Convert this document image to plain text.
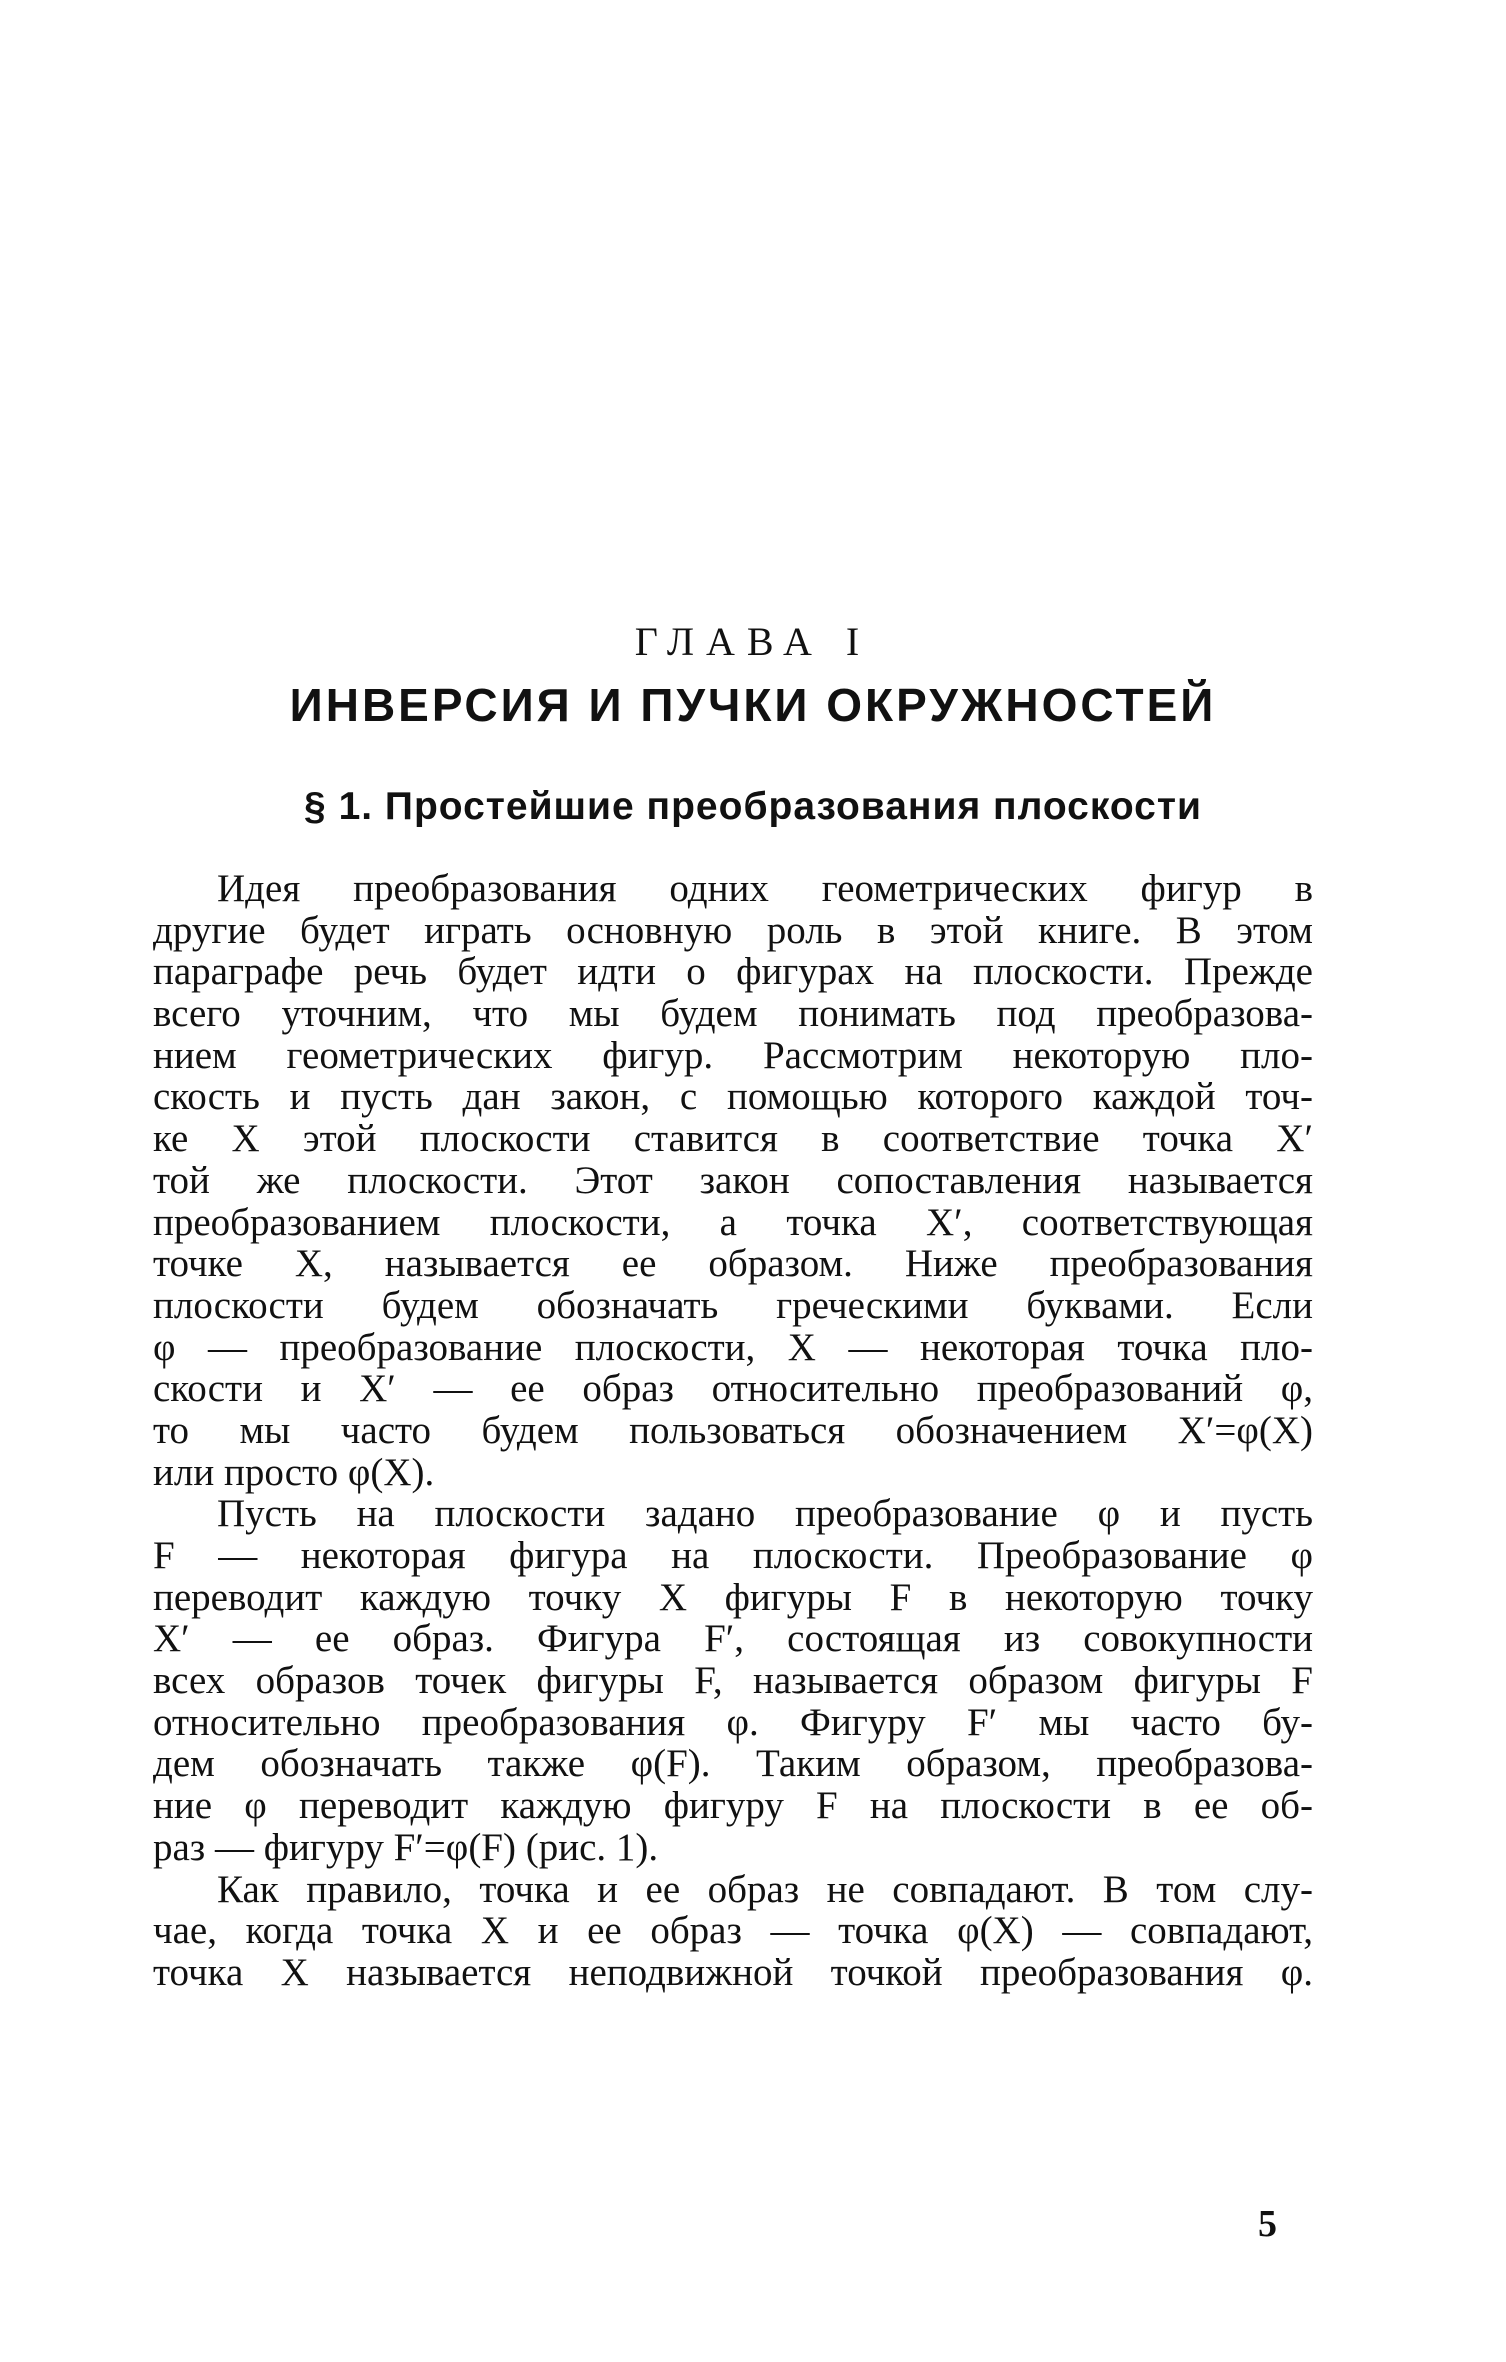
ГЛАВА I
ИНВЕРСИЯ И ПУЧКИ ОКРУЖНОСТЕЙ
§ 1. Простейшие преобразования плоскости
Идея преобразования одних геометрических фигур в
другие будет играть основную роль в этой книге. В этом
параграфе речь будет идти о фигурах на плоскости. Прежде
всего уточним, что мы будем понимать под преобразова-
нием геометрических фигур. Рассмотрим некоторую пло-
скость и пусть дан закон, с помощью которого каждой точ-
ке X этой плоскости ставится в соответствие точка X′
той же плоскости. Этот закон сопоставления называется
преобразованием плоскости, а точка X′, соответствующая
точке X, называется ее образом. Ниже преобразования
плоскости будем обозначать греческими буквами. Если
φ — преобразование плоскости, X — некоторая точка пло-
скости и X′ — ее образ относительно преобразований φ,
то мы часто будем пользоваться обозначением X′=φ(X)
или просто φ(X).
Пусть на плоскости задано преобразование φ и пусть
F — некоторая фигура на плоскости. Преобразование φ
переводит каждую точку X фигуры F в некоторую точку
X′ — ее образ. Фигура F′, состоящая из совокупности
всех образов точек фигуры F, называется образом фигуры F
относительно преобразования φ. Фигуру F′ мы часто бу-
дем обозначать также φ(F). Таким образом, преобразова-
ние φ переводит каждую фигуру F на плоскости в ее об-
раз — фигуру F′=φ(F) (рис. 1).
Как правило, точка и ее образ не совпадают. В том слу-
чае, когда точка X и ее образ — точка φ(X) — совпадают,
точка X называется неподвижной точкой преобразования φ.
5
